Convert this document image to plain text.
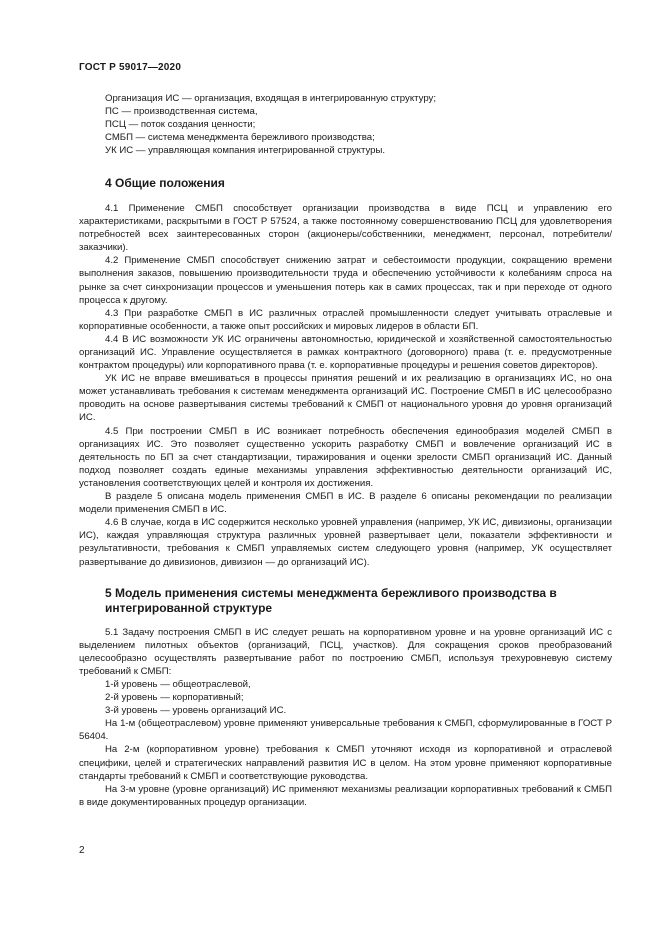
ГОСТ Р 59017—2020

Организация ИС — организация, входящая в интегрированную структуру;

ПС — производственная система,

ПСЦ — поток создания ценности;

СМБП — система менеджмента бережливого производства;

УК ИС — управляющая компания интегрированной структуры.

4 Общие положения

4.1 Применение СМБП способствует организации производства в виде ПСЦ и управлению его характеристиками, раскрытыми в ГОСТ Р 57524, а также постоянному совершенствованию ПСЦ для удовлетворения потребностей всех заинтересованных сторон (акционеры/собственники, менеджмент, персонал, потребители/заказчики).

4.2 Применение СМБП способствует снижению затрат и себестоимости продукции, сокращению времени выполнения заказов, повышению производительности труда и обеспечению устойчивости к колебаниям спроса на рынке за счет синхронизации процессов и уменьшения потерь как в самих процессах, так и при переходе от одного процесса к другому.

4.3 При разработке СМБП в ИС различных отраслей промышленности следует учитывать отраслевые и корпоративные особенности, а также опыт российских и мировых лидеров в области БП.

4.4 В ИС возможности УК ИС ограничены автономностью, юридической и хозяйственной самостоятельностью организаций ИС. Управление осуществляется в рамках контрактного (договорного) права (т. е. предусмотренные контрактом процедуры) или корпоративного права (т. е. корпоративные процедуры и решения советов директоров).

УК ИС не вправе вмешиваться в процессы принятия решений и их реализацию в организациях ИС, но она может устанавливать требования к системам менеджмента организаций ИС. Построение СМБП в ИС целесообразно проводить на основе развертывания системы требований к СМБП от национального уровня до уровня организаций ИС.

4.5 При построении СМБП в ИС возникает потребность обеспечения единообразия моделей СМБП в организациях ИС. Это позволяет существенно ускорить разработку СМБП и вовлечение организаций ИС в деятельность по БП за счет стандартизации, тиражирования и оценки зрелости СМБП организаций ИС. Данный подход позволяет создать единые механизмы управления эффективностью деятельности организаций ИС, установления соответствующих целей и контроля их достижения.

В разделе 5 описана модель применения СМБП в ИС. В разделе 6 описаны рекомендации по реализации модели применения СМБП в ИС.

4.6 В случае, когда в ИС содержится несколько уровней управления (например, УК ИС, дивизионы, организации ИС), каждая управляющая структура различных уровней развертывает цели, показатели эффективности и результативности, требования к СМБП управляемых систем следующего уровня (например, УК осуществляет развертывание до дивизионов, дивизион — до организаций ИС).

5 Модель применения системы менеджмента бережливого производства в интегрированной структуре

5.1 Задачу построения СМБП в ИС следует решать на корпоративном уровне и на уровне организаций ИС с выделением пилотных объектов (организаций, ПСЦ, участков). Для сокращения сроков преобразований целесообразно осуществлять развертывание работ по построению СМБП, используя трехуровневую систему требований к СМБП:

1-й уровень — общеотраслевой,

2-й уровень — корпоративный;

3-й уровень — уровень организаций ИС.

На 1-м (общеотраслевом) уровне применяют универсальные требования к СМБП, сформулированные в ГОСТ Р 56404.

На 2-м (корпоративном уровне) требования к СМБП уточняют исходя из корпоративной и отраслевой специфики, целей и стратегических направлений развития ИС в целом. На этом уровне применяют корпоративные стандарты требований к СМБП и соответствующие руководства.

На 3-м уровне (уровне организаций) ИС применяют механизмы реализации корпоративных требований к СМБП в виде документированных процедур организации.

2
